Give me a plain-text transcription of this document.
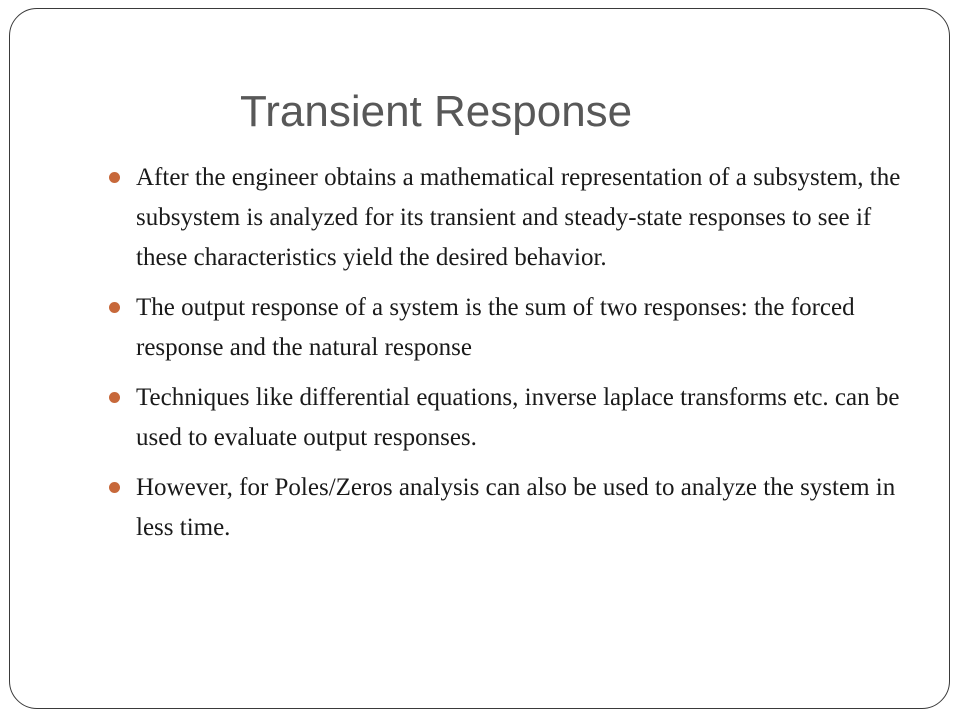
Transient Response
After the engineer obtains a mathematical representation of a subsystem, the subsystem is analyzed for its transient and steady-state responses to see if these characteristics yield the desired behavior.
The output response of a system is the sum of two responses: the forced response and the natural response
Techniques like differential equations, inverse laplace transforms etc. can be used to evaluate output responses.
However, for Poles/Zeros analysis can also be used to analyze the system in less time.
